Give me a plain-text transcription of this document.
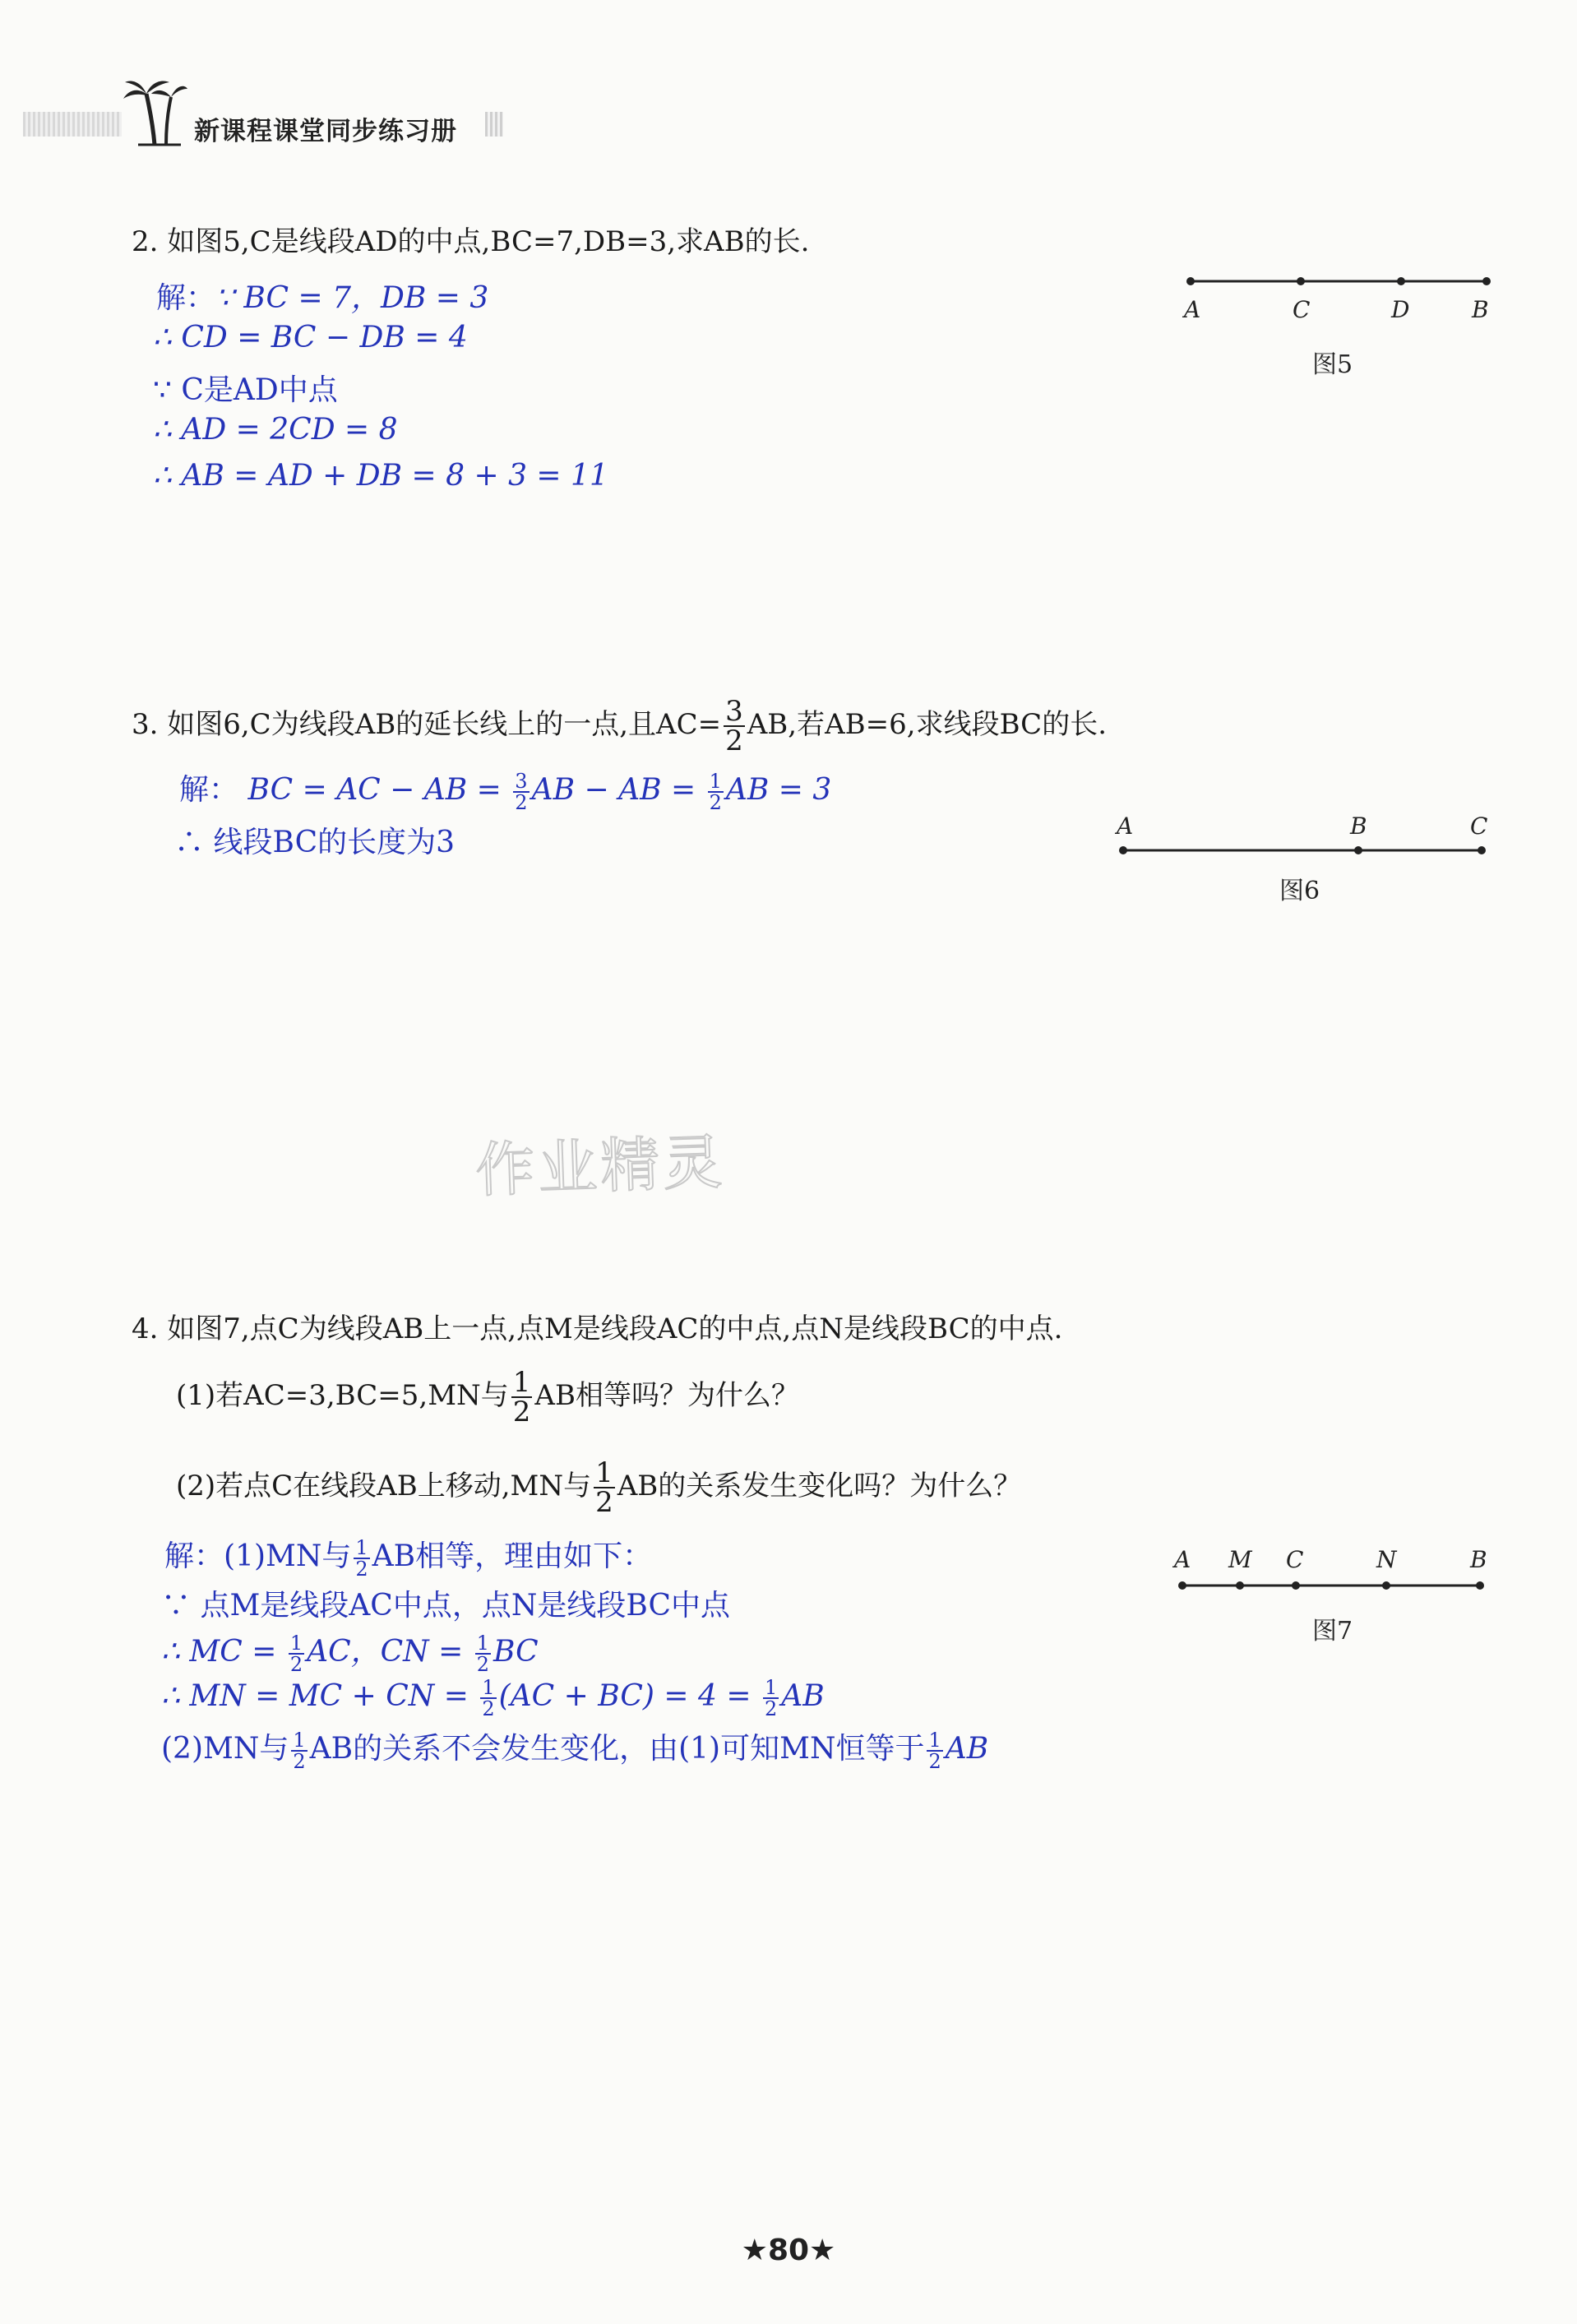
新课程课堂同步练习册
2. 如图5,C是线段AD的中点,BC=7,DB=3,求AB的长.
解：∵ BC = 7，DB = 3
∴ CD = BC − DB = 4
∵ C是AD中点
∴ AD = 2CD = 8
∴ AB = AD + DB = 8 + 3 = 11
A	C	D	B
图5
3. 如图6,C为线段AB的延长线上的一点,且$AC= \frac{3}{2}$ AB,若AB=6,求线段BC的长.
解： BC = AC − AB = $\frac{3}{2}$ AB − AB = $\frac{1}{2}$ AB = 3
∴ 线段BC的长度为3	A	B	C
图6
作业精灵
4. 如图7,点C为线段AB上一点,点M是线段AC的中点,点N是线段BC的中点.
(1)若AC=3,BC=5,MN与 $\frac{1}{2}$ AB相等吗？为什么？
(2)若点C在线段AB上移动,MN与 $\frac{1}{2}$ AB的关系发生变化吗？为什么？
解：(1)MN与 $\frac{1}{2}$ AB相等，理由如下：
∵ 点M是线段AC中点，点N是线段BC中点
∴ MC = $\frac{1}{2}$ AC，CN = $\frac{1}{2}$ BC
∴ MN = MC + CN = $\frac{1}{2} (AC + BC) = 4 = \frac{1}{2}$ AB
(2)MN与 $\frac{1}{2}$ AB的关系不会发生变化，由(1)可知MN恒等于 $\frac{1}{2}$ AB
A M C	N	B
图7
★80★
